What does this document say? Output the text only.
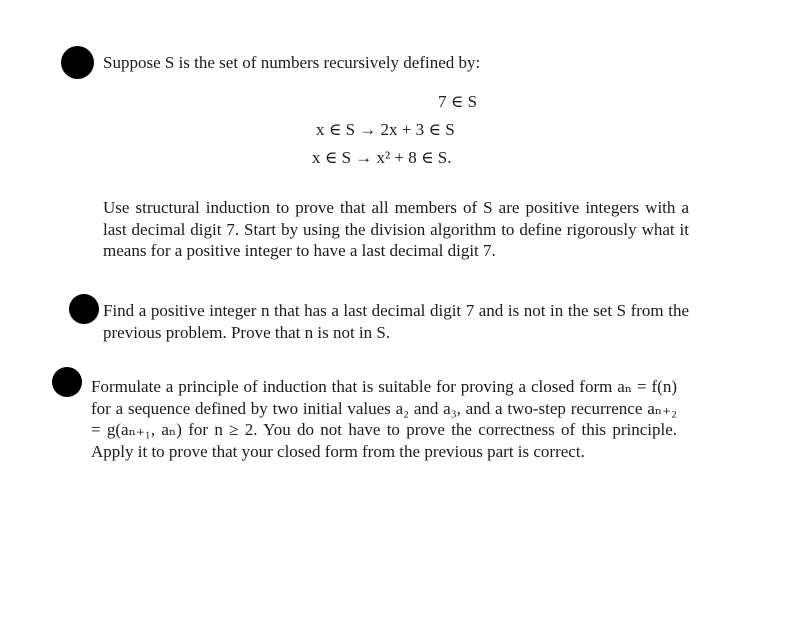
Suppose S is the set of numbers recursively defined by:
7 ∈ S
x ∈ S → 2x + 3 ∈ S
x ∈ S → x² + 8 ∈ S.

Use structural induction to prove that all members of S are positive integers with a last decimal digit 7. Start by using the division algorithm to define rigorously what it means for a positive integer to have a last decimal digit 7.

Find a positive integer n that has a last decimal digit 7 and is not in the set S from the previous problem. Prove that n is not in S.

Formulate a principle of induction that is suitable for proving a closed form aₙ = f(n) for a sequence defined by two initial values a₂ and a₃, and a two-step recurrence aₙ₊₂ = g(aₙ₊₁, aₙ) for n ≥ 2. You do not have to prove the correctness of this principle. Apply it to prove that your closed form from the previous part is correct.
